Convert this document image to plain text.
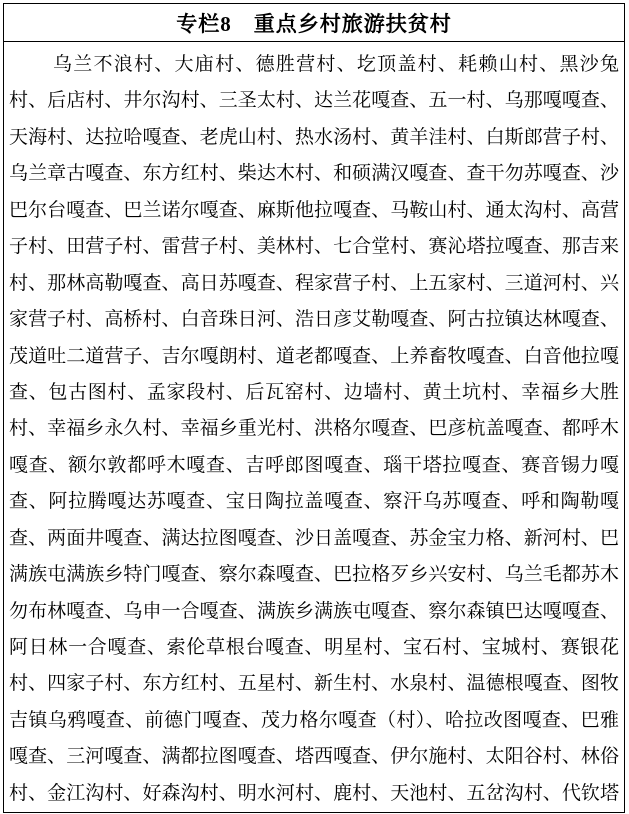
专栏8　重点乡村旅游扶贫村
乌兰不浪村、大庙村、德胜营村、圪顶盖村、耗赖山村、黑沙兔
村、后店村、井尔沟村、三圣太村、达兰花嘎查、五一村、乌那嘎嘎查、
天海村、达拉哈嘎查、老虎山村、热水汤村、黄羊洼村、白斯郎营子村、
乌兰章古嘎查、东方红村、柴达木村、和硕满汉嘎查、查干勿苏嘎查、沙
巴尔台嘎查、巴兰诺尔嘎查、麻斯他拉嘎查、马鞍山村、通太沟村、高营
子村、田营子村、雷营子村、美林村、七合堂村、赛沁塔拉嘎查、那吉来
村、那林高勒嘎查、高日苏嘎查、程家营子村、上五家村、三道河村、兴
家营子村、高桥村、白音珠日河、浩日彦艾勒嘎查、阿古拉镇达林嘎查、
茂道吐二道营子、吉尔嘎朗村、道老都嘎查、上养畜牧嘎查、白音他拉嘎
查、包古图村、孟家段村、后瓦窑村、边墙村、黄土坑村、幸福乡大胜
村、幸福乡永久村、幸福乡重光村、洪格尔嘎查、巴彦杭盖嘎查、都呼木
嘎查、额尔敦都呼木嘎查、吉呼郎图嘎查、瑙干塔拉嘎查、赛音锡力嘎
查、阿拉腾嘎达苏嘎查、宝日陶拉盖嘎查、察汗乌苏嘎查、呼和陶勒嘎
查、两面井嘎查、满达拉图嘎查、沙日盖嘎查、苏金宝力格、新河村、巴
满族屯满族乡特门嘎查、察尔森嘎查、巴拉格歹乡兴安村、乌兰毛都苏木
勿布林嘎查、乌申一合嘎查、满族乡满族屯嘎查、察尔森镇巴达嘎嘎查、
阿日林一合嘎查、索伦草根台嘎查、明星村、宝石村、宝城村、赛银花
村、四家子村、东方红村、五星村、新生村、水泉村、温德根嘎查、图牧
吉镇乌鸦嘎查、前德门嘎查、茂力格尔嘎查（村）、哈拉改图嘎查、巴雅
嘎查、三河嘎查、满都拉图嘎查、塔西嘎查、伊尔施村、太阳谷村、林俗
村、金江沟村、好森沟村、明水河村、鹿村、天池村、五岔沟村、代钦塔
